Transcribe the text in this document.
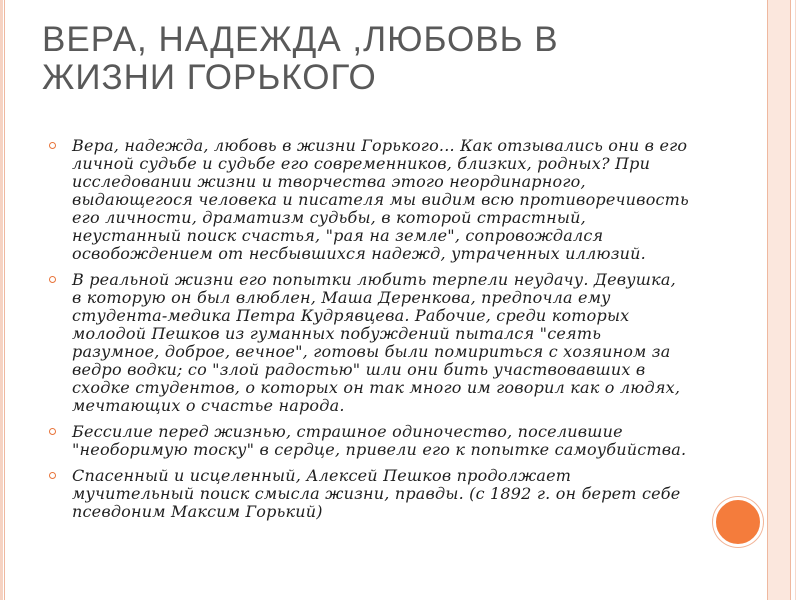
ВЕРА, НАДЕЖДА ,ЛЮБОВЬ В
ЖИЗНИ ГОРЬКОГО
Вера, надежда, любовь в жизни Горького... Как отзывались они в его
личной судьбе и судьбе его современников, близких, родных? При
исследовании жизни и творчества этого неординарного,
выдающегося человека и писателя мы видим всю противоречивость
его личности, драматизм судьбы, в которой страстный,
неустанный поиск счастья, "рая на земле", сопровождался
освобождением от несбывшихся надежд, утраченных иллюзий.
В реальной жизни его попытки любить терпели неудачу. Девушка,
в которую он был влюблен, Маша Деренкова, предпочла ему
студента-медика Петра Кудрявцева. Рабочие, среди которых
молодой Пешков из гуманных побуждений пытался "сеять
разумное, доброе, вечное", готовы были помириться с хозяином за
ведро водки; со "злой радостью" шли они бить участвовавших в
сходке студентов, о которых он так много им говорил как о людях,
мечтающих о счастье народа.
Бессилие перед жизнью, страшное одиночество, поселившие
"необоримую тоску" в сердце, привели его к попытке самоубийства.
Спасенный и исцеленный, Алексей Пешков продолжает
мучительный поиск смысла жизни, правды. (с 1892 г. он берет себе
псевдоним Максим Горький)
